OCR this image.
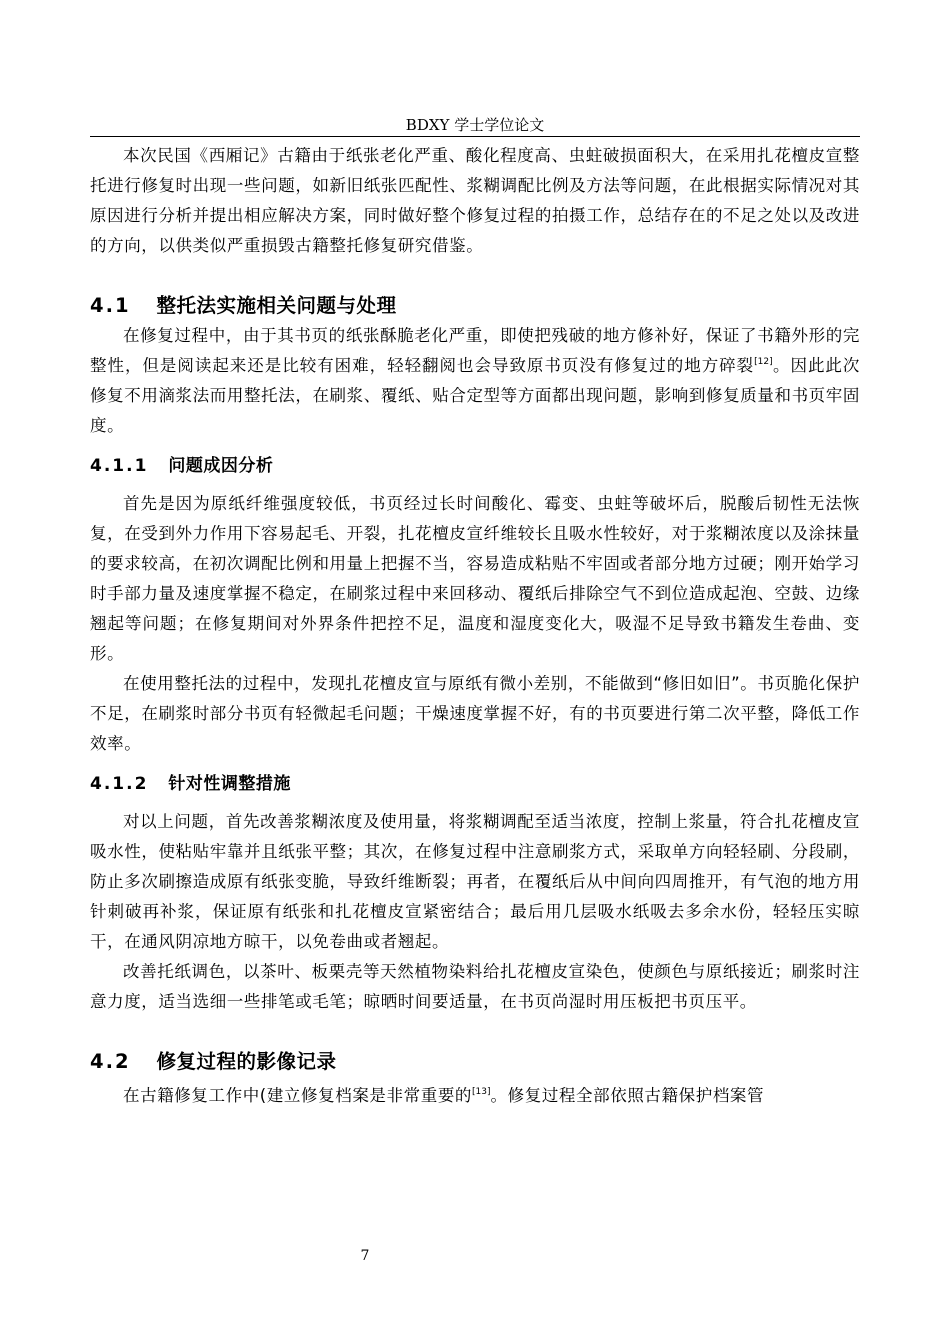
BDXY 学士学位论文

本次民国《西厢记》古籍由于纸张老化严重、酸化程度高、虫蛀破损面积大，在采用扎花檀皮宣整托进行修复时出现一些问题，如新旧纸张匹配性、浆糊调配比例及方法等问题，在此根据实际情况对其原因进行分析并提出相应解决方案，同时做好整个修复过程的拍摄工作，总结存在的不足之处以及改进的方向，以供类似严重损毁古籍整托修复研究借鉴。

4.1 整托法实施相关问题与处理

在修复过程中，由于其书页的纸张酥脆老化严重，即使把残破的地方修补好，保证了书籍外形的完整性，但是阅读起来还是比较有困难，轻轻翻阅也会导致原书页没有修复过的地方碎裂[12]。因此此次修复不用滴浆法而用整托法，在刷浆、覆纸、贴合定型等方面都出现问题，影响到修复质量和书页牢固度。

4.1.1 问题成因分析

首先是因为原纸纤维强度较低，书页经过长时间酸化、霉变、虫蛀等破坏后，脱酸后韧性无法恢复，在受到外力作用下容易起毛、开裂，扎花檀皮宣纤维较长且吸水性较好，对于浆糊浓度以及涂抹量的要求较高，在初次调配比例和用量上把握不当，容易造成粘贴不牢固或者部分地方过硬；刚开始学习时手部力量及速度掌握不稳定，在刷浆过程中来回移动、覆纸后排除空气不到位造成起泡、空鼓、边缘翘起等问题；在修复期间对外界条件把控不足，温度和湿度变化大，吸湿不足导致书籍发生卷曲、变形。

在使用整托法的过程中，发现扎花檀皮宣与原纸有微小差别，不能做到“修旧如旧”。书页脆化保护不足，在刷浆时部分书页有轻微起毛问题；干燥速度掌握不好，有的书页要进行第二次平整，降低工作效率。

4.1.2 针对性调整措施

对以上问题，首先改善浆糊浓度及使用量，将浆糊调配至适当浓度，控制上浆量，符合扎花檀皮宣吸水性，使粘贴牢靠并且纸张平整；其次，在修复过程中注意刷浆方式，采取单方向轻轻刷、分段刷，防止多次刷擦造成原有纸张变脆，导致纤维断裂；再者，在覆纸后从中间向四周推开，有气泡的地方用针刺破再补浆，保证原有纸张和扎花檀皮宣紧密结合；最后用几层吸水纸吸去多余水份，轻轻压实晾干，在通风阴凉地方晾干，以免卷曲或者翘起。

改善托纸调色，以茶叶、板栗壳等天然植物染料给扎花檀皮宣染色，使颜色与原纸接近；刷浆时注意力度，适当选细一些排笔或毛笔；晾晒时间要适量，在书页尚湿时用压板把书页压平。

4.2 修复过程的影像记录

在古籍修复工作中(建立修复档案是非常重要的[13]。修复过程全部依照古籍保护档案管

7
